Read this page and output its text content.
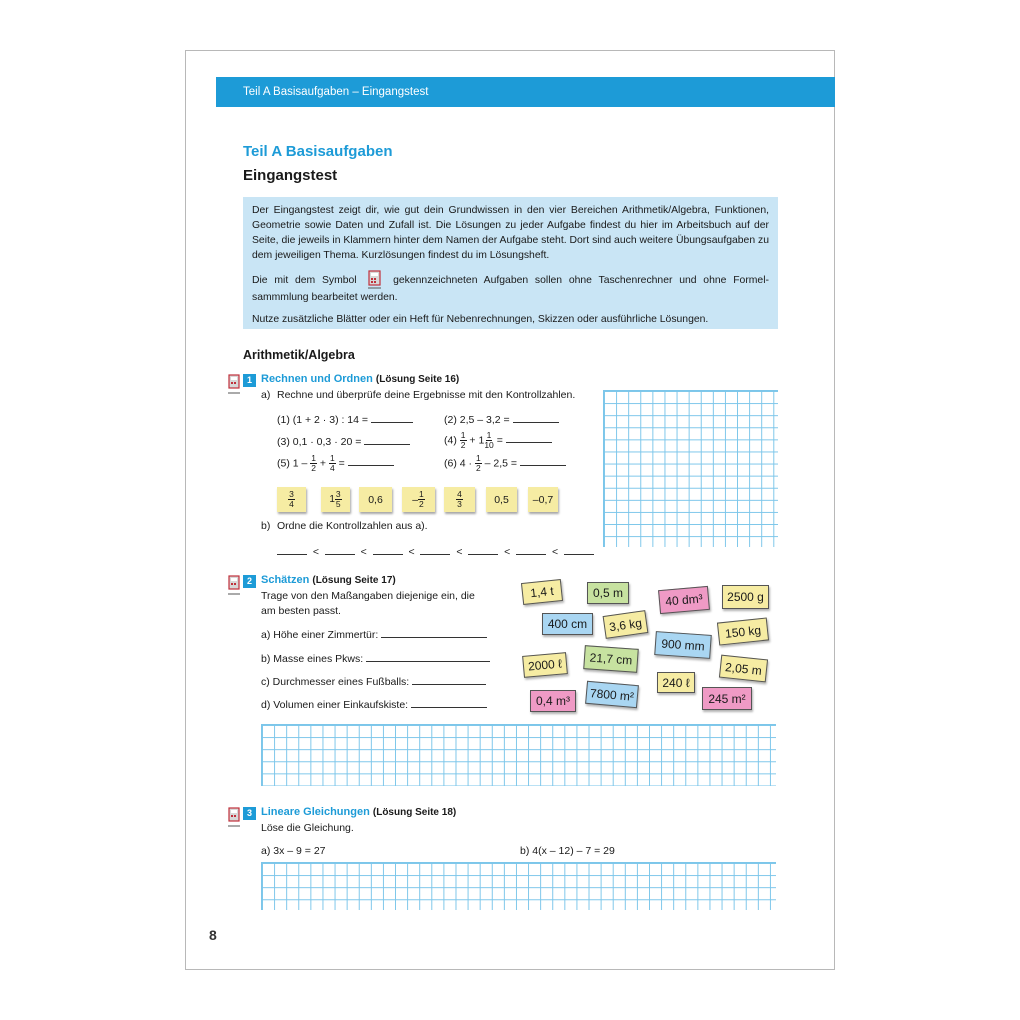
Teil A Basisaufgaben – Eingangstest
Teil A Basisaufgaben
Eingangstest

Der Eingangstest zeigt dir, wie gut dein Grundwissen in den vier Bereichen Arithmetik/Algebra, Funktionen, Geometrie sowie Daten und Zufall ist. Die Lösungen zu jeder Aufgabe findest du hier im Arbeitsbuch auf der Seite, die jeweils in Klammern hinter dem Namen der Aufgabe steht. Dort sind auch weitere Übungsaufgaben zu dem jeweiligen Thema. Kurzlösungen findest du im Lösungsheft.

Die mit dem Symbol	gekennzeichneten Aufgaben sollen ohne Taschenrechner und ohne Formel-sammmlung bearbeitet werden.

Nutze zusätzliche Blätter oder ein Heft für Nebenrechnungen, Skizzen oder ausführliche Lösungen.

Arithmetik/Algebra
1 Rechnen und Ordnen (Lösung Seite 16)
a) Rechne und überprüfe deine Ergebnisse mit den Kontrollzahlen.
(1) (1 + 2 · 3) : 14 =	(2) 2,5 – 3,2 =
(3) 0,1 · 0,3 · 20 =	$(4) \frac{1}{2} + 1 \frac{1}{10}$ =
(5) $1 - \frac{1}{2} + \frac{1}{4}$ =	(6) $4 \cdot \frac{1}{2} - 2,5$ =
$\frac{3}{4}$	$1 \frac{3}{5}$	0,6	– $\frac{1}{2}$	$\frac{4}{3}$	0,5	–0,7
b) Ordne die Kontrollzahlen aus a).
<	<	<	<	<	<
2 Schätzen (Lösung Seite 17)
Trage von den Maßangaben diejenige ein, die
am besten passt.
a) Höhe einer Zimmertür:
b) Masse eines Pkws:
c) Durchmesser eines Fußballs:
d) Volumen einer Einkaufskiste:
1,4 t	0,5 m	40 dm³	2500 g
400 cm	3,6 kg	150 kg
900 mm
2000 ℓ	21,7 cm
2,05 m
240 ℓ
0,4 m³	7800 m²	245 m²
3 Lineare Gleichungen (Lösung Seite 18)
Löse die Gleichung.
a) 3x – 9 = 27	b) 4(x – 12) – 7 = 29
8
